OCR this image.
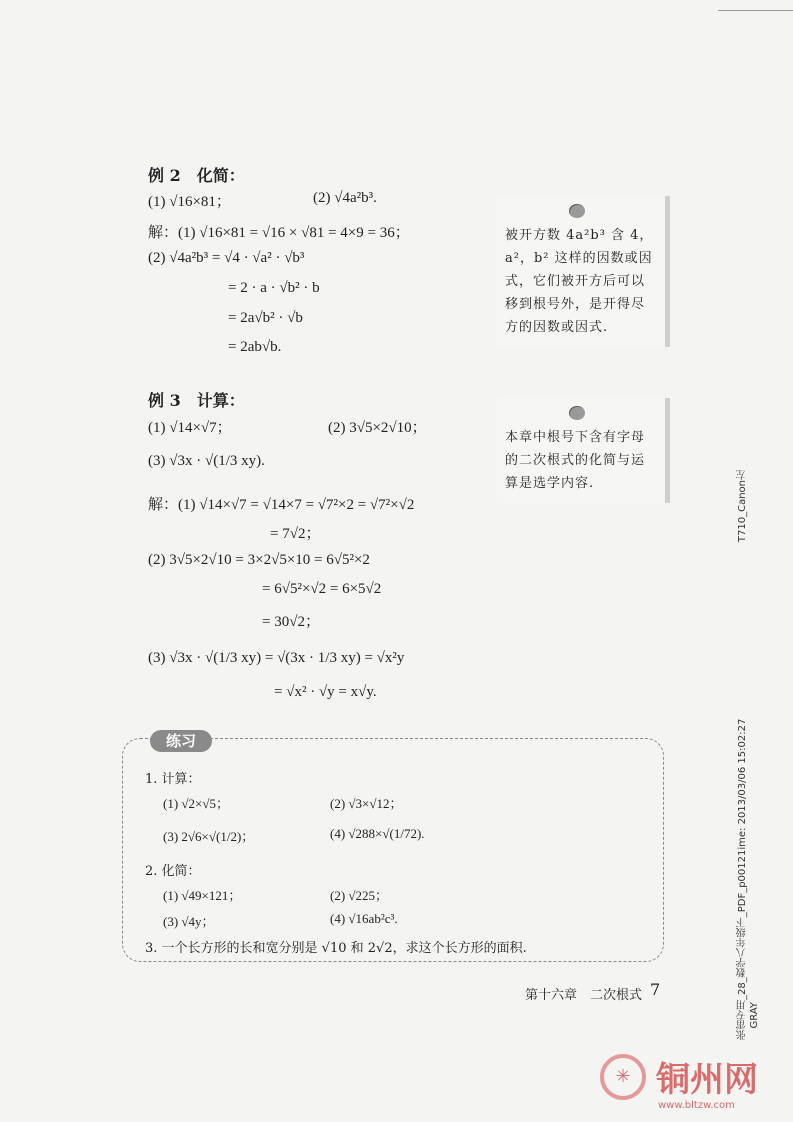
例 2　化简：
(1) √16×81；	(2) √4a²b³.
解：(1) √16×81 = √16 × √81 = 4×9 = 36；
(2) √4a²b³ = √4 · √a² · √b³
= 2 · a · √b² · b
= 2a√b² · √b
= 2ab√b.
被开方数 4a²b³ 含 4，a²，b² 这样的因数或因式，它们被开方后可以移到根号外，是开得尽方的因数或因式.
例 3　计算：
(1) √14×√7；	(2) 3√5×2√10；
(3) √3x · √(1/3 xy).
解：(1) √14×√7 = √14×7 = √7²×2 = √7²×√2
= 7√2；
(2) 3√5×2√10 = 3×2√5×10 = 6√5²×2
= 6√5²×√2 = 6×5√2
= 30√2；
(3) √3x · √(1/3 xy) = √(3x · 1/3 xy) = √x²y
= √x² · √y = x√y.
本章中根号下含有字母的二次根式的化简与运算是选学内容.
练习
1. 计算：
(1) √2×√5；	(2) √3×√12；
(3) 2√6×√(1/2)；	(4) √288×√(1/72).
2. 化简：
(1) √49×121；	(2) √225；
(3) √4y；	(4) √16ab²c³.
3. 一个长方形的长和宽分别是 √10 和 2√2，求这个长方形的面积.
第十六章　二次根式 7
T710_Canon左
张雷专用_28_数学八年级下_PDF_p00121ime: 2013/03/06 15:02:27 GRAY
✳ 铜州网
www.bltzw.com
